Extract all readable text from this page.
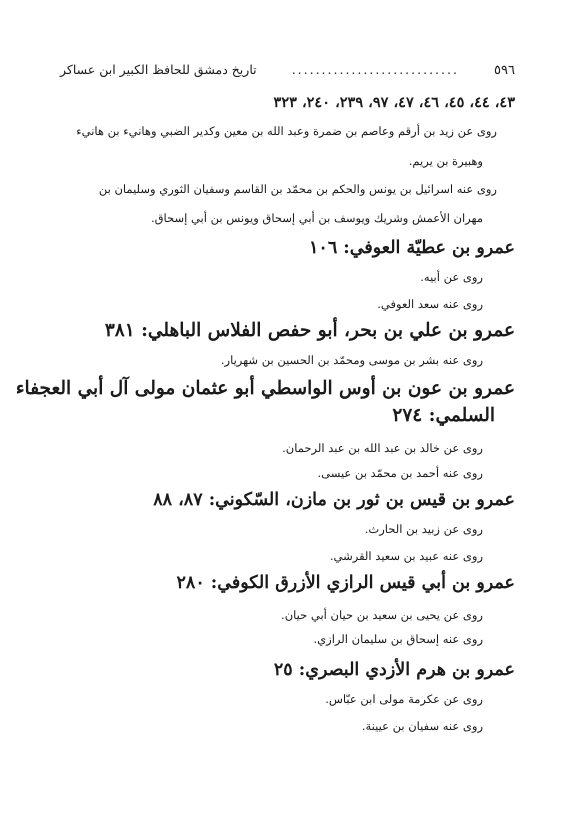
٥٩٦
............................
تاريخ دمشق للحافظ الكبير ابن عساكر
٤٣، ٤٤، ٤٥، ٤٦، ٤٧، ٩٧، ٢٣٩، ٢٤٠، ٣٢٣
روى عن زيد بن أرقم وعاصم بن ضمرة وعبد الله بن معين وكدير الضبي وهانيء بن هانيء
وهبيرة بن يريم.
روى عنه اسرائيل بن يونس والحكم بن محمّد بن القاسم وسفيان الثوري وسليمان بن
مهران الأعمش وشريك ويوسف بن أبي إسحاق ويونس بن أبي إسحاق.
عمرو بن عطيّة العوفي: ١٠٦
روى عن أبيه.
روى عنه سعد العوفي.
عمرو بن علي بن بحر، أبو حفص الفلاس الباهلي: ٣٨١
روى عنه بشر بن موسى ومحمّد بن الحسين بن شهريار.
عمرو بن عون بن أوس الواسطي أبو عثمان مولى آل أبي العجفاء
السلمي: ٢٧٤
روى عن خالد بن عبد الله بن عبد الرحمان.
روى عنه أحمد بن محمّد بن عيسى.
عمرو بن قيس بن ثور بن مازن، السّكوني: ٨٧، ٨٨
روى عن زبيد بن الحارث.
روى عنه عبيد بن سعيد القرشي.
عمرو بن أبي قيس الرازي الأزرق الكوفي: ٢٨٠
روى عن يحيى بن سعيد بن حيان أبي حيان.
روى عنه إسحاق بن سليمان الرازي.
عمرو بن هرم الأزدي البصري: ٢٥
روى عن عكرمة مولى ابن عبّاس.
روى عنه سفيان بن عيينة.
